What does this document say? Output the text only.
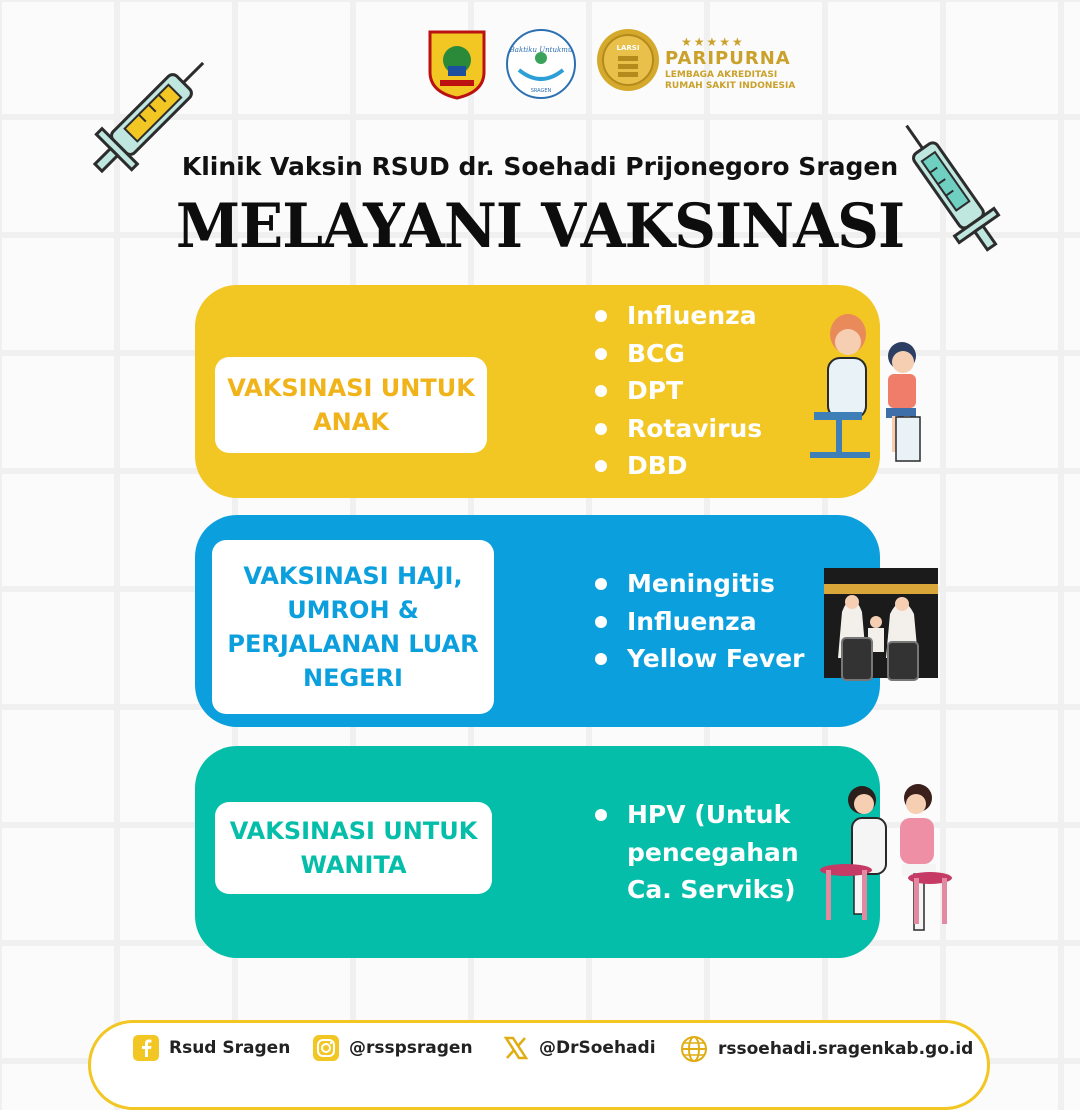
Baktiku Untukmu
SRAGEN
LARSI	★★★★★
PARIPURNA
LEMBAGA AKREDITASI
RUMAH SAKIT INDONESIA
Klinik Vaksin RSUD dr. Soehadi Prijonegoro Sragen
MELAYANI VAKSINASI
VAKSINASI UNTUK
ANAK
Influenza
BCG
DPT
Rotavirus
DBD
VAKSINASI HAJI,
UMROH &
PERJALANAN LUAR
NEGERI
Meningitis
Influenza
Yellow Fever
VAKSINASI UNTUK
WANITA
HPV (Untuk
pencegahan
Ca. Serviks)
Rsud Sragen	@rsspsragen	@DrSoehadi	rssoehadi.sragenkab.go.id
